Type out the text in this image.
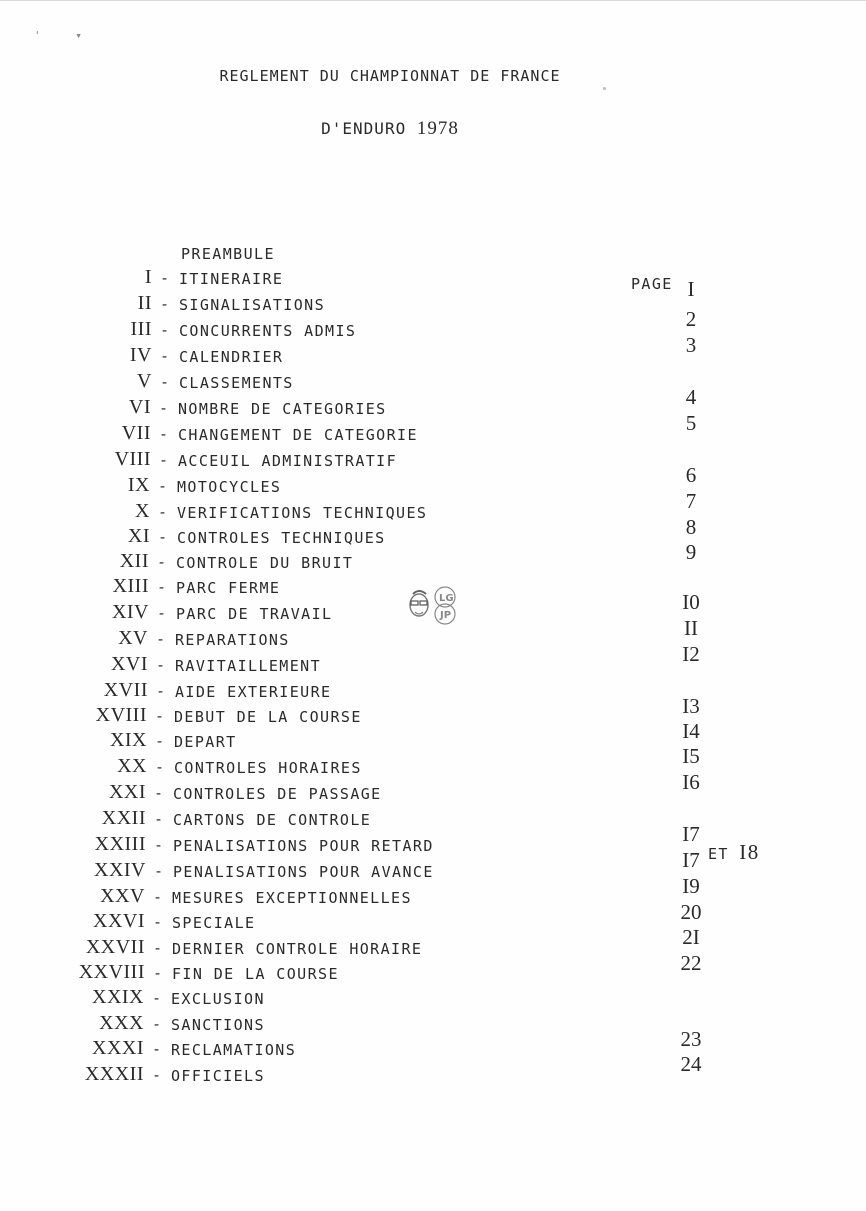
' ▾
REGLEMENT DU CHAMPIONNAT DE FRANCE
D'ENDURO 1978
PREAMBULE
PAGE
I - ITINERAIRE	I
II - SIGNALISATIONS
2
III - CONCURRENTS ADMIS
3
IV - CALENDRIER
V - CLASSEMENTS
4
VI - NOMBRE DE CATEGORIES
5
VII - CHANGEMENT DE CATEGORIE
VIII - ACCEUIL ADMINISTRATIF
6
IX - MOTOCYCLES
7
X - VERIFICATIONS TECHNIQUES
8
XI - CONTROLES TECHNIQUES
9
XII - CONTROLE DU BRUIT
XIII - PARC FERME
I0
XIV - PARC DE TRAVAIL
II
XV - REPARATIONS
I2
XVI - RAVITAILLEMENT
XVII - AIDE EXTERIEURE
I3
XVIII - DEBUT DE LA COURSE
I4
XIX - DEPART
I5
XX - CONTROLES HORAIRES
I6
XXI - CONTROLES DE PASSAGE
XXII - CARTONS DE CONTROLE
I7
XXIII - PENALISATIONS POUR RETARD
I7 ET I8
XXIV - PENALISATIONS POUR AVANCE
I9
XXV - MESURES EXCEPTIONNELLES
20
XXVI - SPECIALE
2I
XXVII - DERNIER CONTROLE HORAIRE
22
XXVIII - FIN DE LA COURSE
XXIX - EXCLUSION
XXX - SANCTIONS
23
XXXI - RECLAMATIONS
24
XXXII - OFFICIELS
LG
JP
